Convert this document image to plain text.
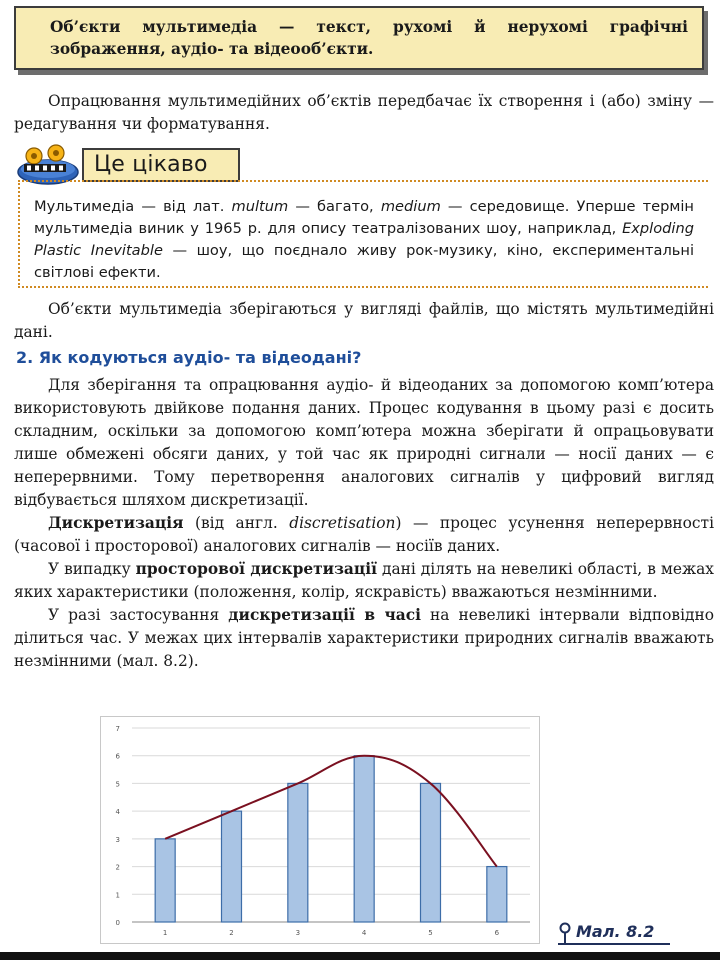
Об’єкти мультимедіа — текст, рухомі й нерухомі графічні зображення, аудіо- та відеооб’єкти.

Опрацювання мультимедійних об’єктів передбачає їх створення і (або) зміну — редагування чи форматування.

Це цікаво

Мультимедіа — від лат. multum — багато, medium — середовище. Уперше термін мультимедіа виник у 1965 р. для опису театралізованих шоу, наприклад, Exploding Plastic Inevitable — шоу, що поєднало живу рок-музику, кіно, експериментальні світлові ефекти.

Об’єкти мультимедіа зберігаються у вигляді файлів, що містять мультимедійні дані.

2. Як кодуються аудіо- та відеодані?

Для зберігання та опрацювання аудіо- й відеоданих за допомогою комп’ютера використовують двійкове подання даних. Процес кодування в цьому разі є досить складним, оскільки за допомогою комп’ютера можна зберігати й опрацьовувати лише обмежені обсяги даних, у той час як природні сигнали — носії даних — є неперервними. Тому перетворення аналогових сигналів у цифровий вигляд відбувається шляхом дискретизації.

Дискретизація (від англ. discretisation) — процес усунення неперервності (часової і просторової) аналогових сигналів — носіїв даних.

У випадку просторової дискретизації дані ділять на невеликі області, в межах яких характеристики (положення, колір, яскравість) вважаються незмінними.

У разі застосування дискретизації в часі на невеликі інтервали відповідно ділиться час. У межах цих інтервалів характеристики природних сигналів вважають незмінними (мал. 8.2).

0
1
2
3
4
5
6
7
1	2	3	4	5	6	Мал. 8.2
